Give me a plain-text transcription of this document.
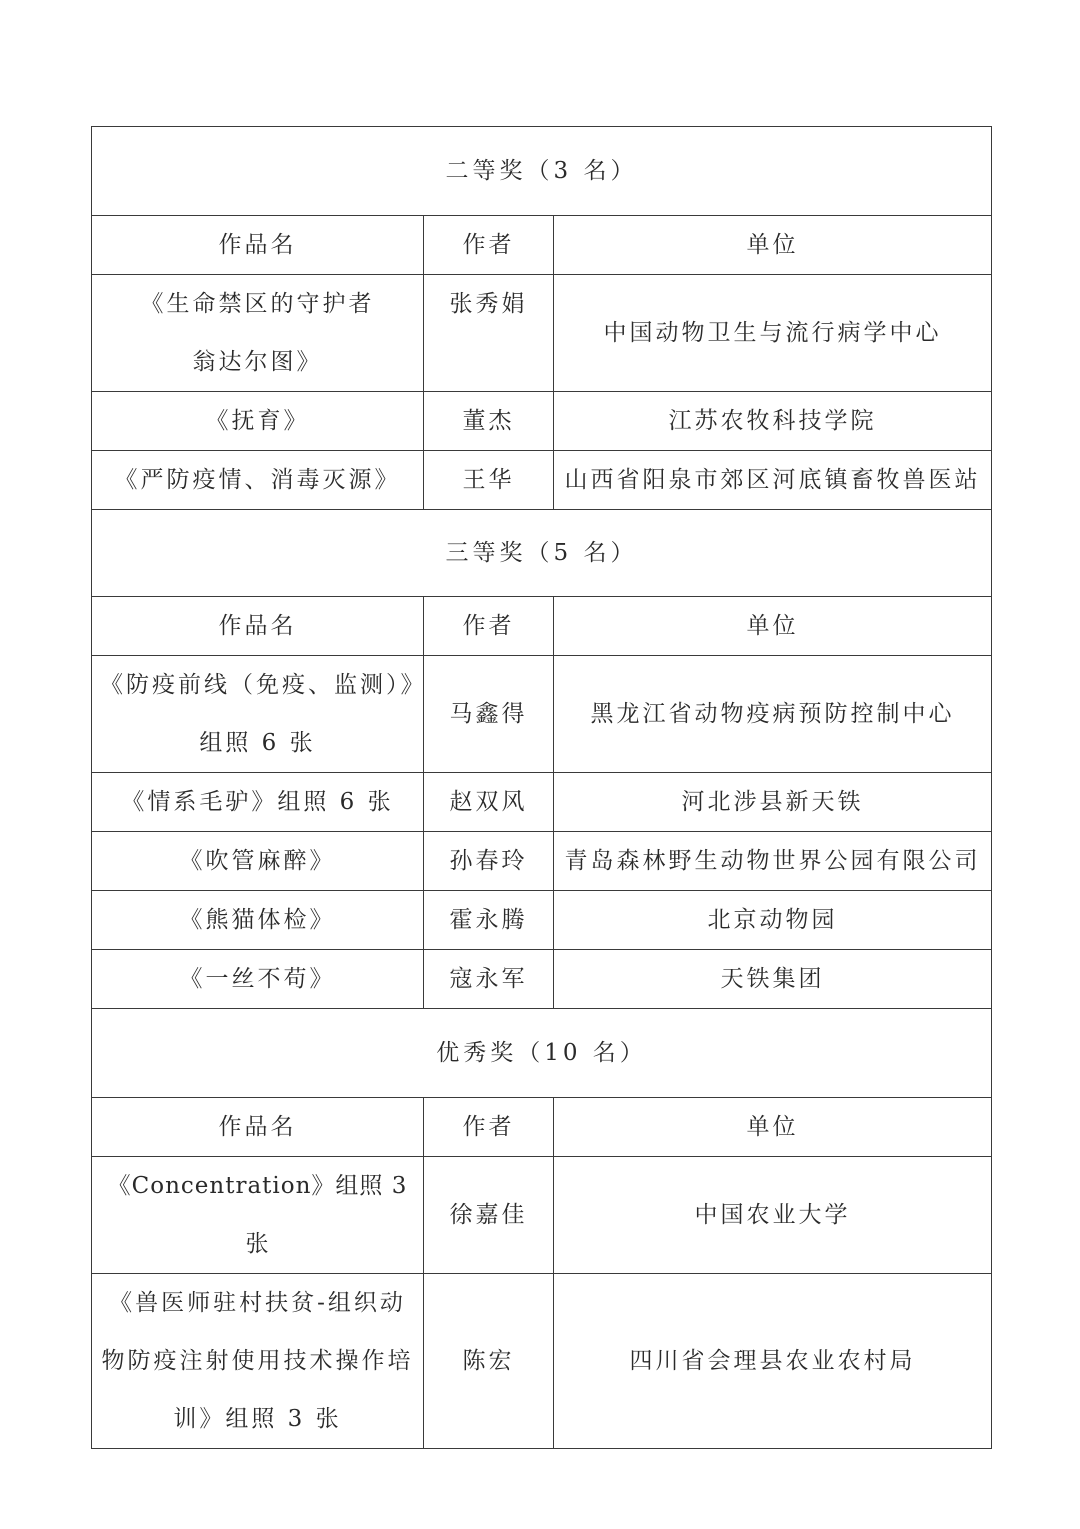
二等奖（3 名）		
作品名	作者	单位

《生命禁区的守护者
翁达尔图》	张秀娟	中国动物卫生与流行病学中心
《抚育》	董杰	江苏农牧科技学院
《严防疫情、消毒灭源》	王华	山西省阳泉市郊区河底镇畜牧兽医站
三等奖（5 名）		
作品名	作者	单位

《防疫前线（免疫、监测）》
组照 6 张	马鑫得	黑龙江省动物疫病预防控制中心
《情系毛驴》组照 6 张	赵双风	河北涉县新天铁
《吹管麻醉》	孙春玲	青岛森林野生动物世界公园有限公司
《熊猫体检》	霍永腾	北京动物园
《一丝不苟》	寇永军	天铁集团
优秀奖（10 名）		
作品名	作者	单位
《Concentration》组照 3 张	徐嘉佳	中国农业大学

《兽医师驻村扶贫-组织动
物防疫注射使用技术操作培
训》组照 3 张	陈宏	四川省会理县农业农村局
